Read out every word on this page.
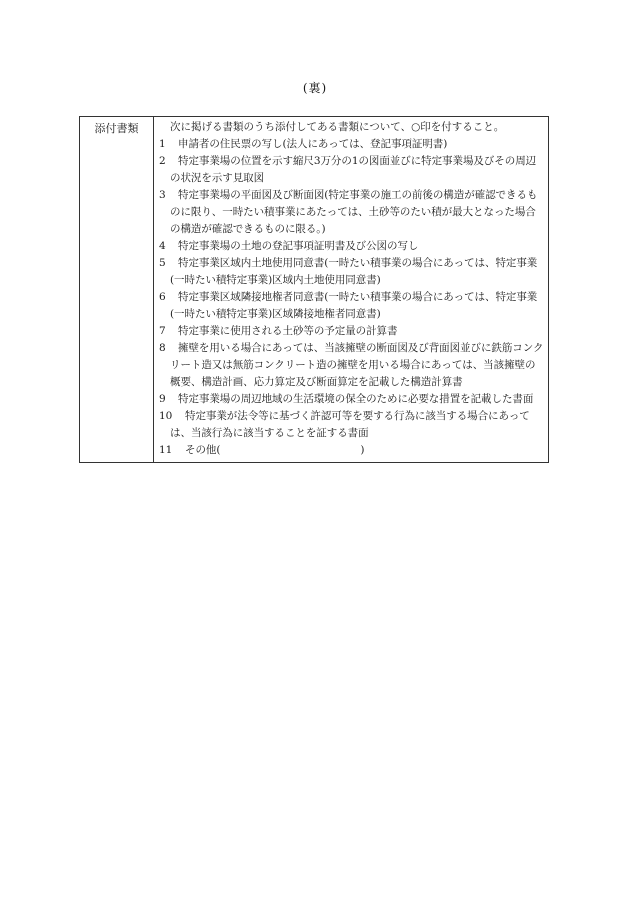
(裏)
添付書類	次に掲げる書類のうち添付してある書類について、○印を付すること。
1	申請者の住民票の写し(法人にあっては、登記事項証明書)
2	特定事業場の位置を示す縮尺3万分の1の図面並びに特定事業場及びその周辺の状況を示す見取図
3	特定事業場の平面図及び断面図(特定事業の施工の前後の構造が確認できるものに限り、一時たい積事業にあたっては、土砂等のたい積が最大となった場合の構造が確認できるものに限る。)
4	特定事業場の土地の登記事項証明書及び公図の写し
5	特定事業区域内土地使用同意書(一時たい積事業の場合にあっては、特定事業(一時たい積特定事業)区域内土地使用同意書)
6	特定事業区域隣接地権者同意書(一時たい積事業の場合にあっては、特定事業(一時たい積特定事業)区域隣接地権者同意書)
7	特定事業に使用される土砂等の予定量の計算書
8	擁壁を用いる場合にあっては、当該擁壁の断面図及び背面図並びに鉄筋コンクリート造又は無筋コンクリート造の擁壁を用いる場合にあっては、当該擁壁の概要、構造計画、応力算定及び断面算定を記載した構造計算書
9	特定事業場の周辺地域の生活環境の保全のために必要な措置を記載した書面
10	特定事業が法令等に基づく許認可等を要する行為に該当する場合にあっては、当該行為に該当することを証する書面
11	その他(	)
